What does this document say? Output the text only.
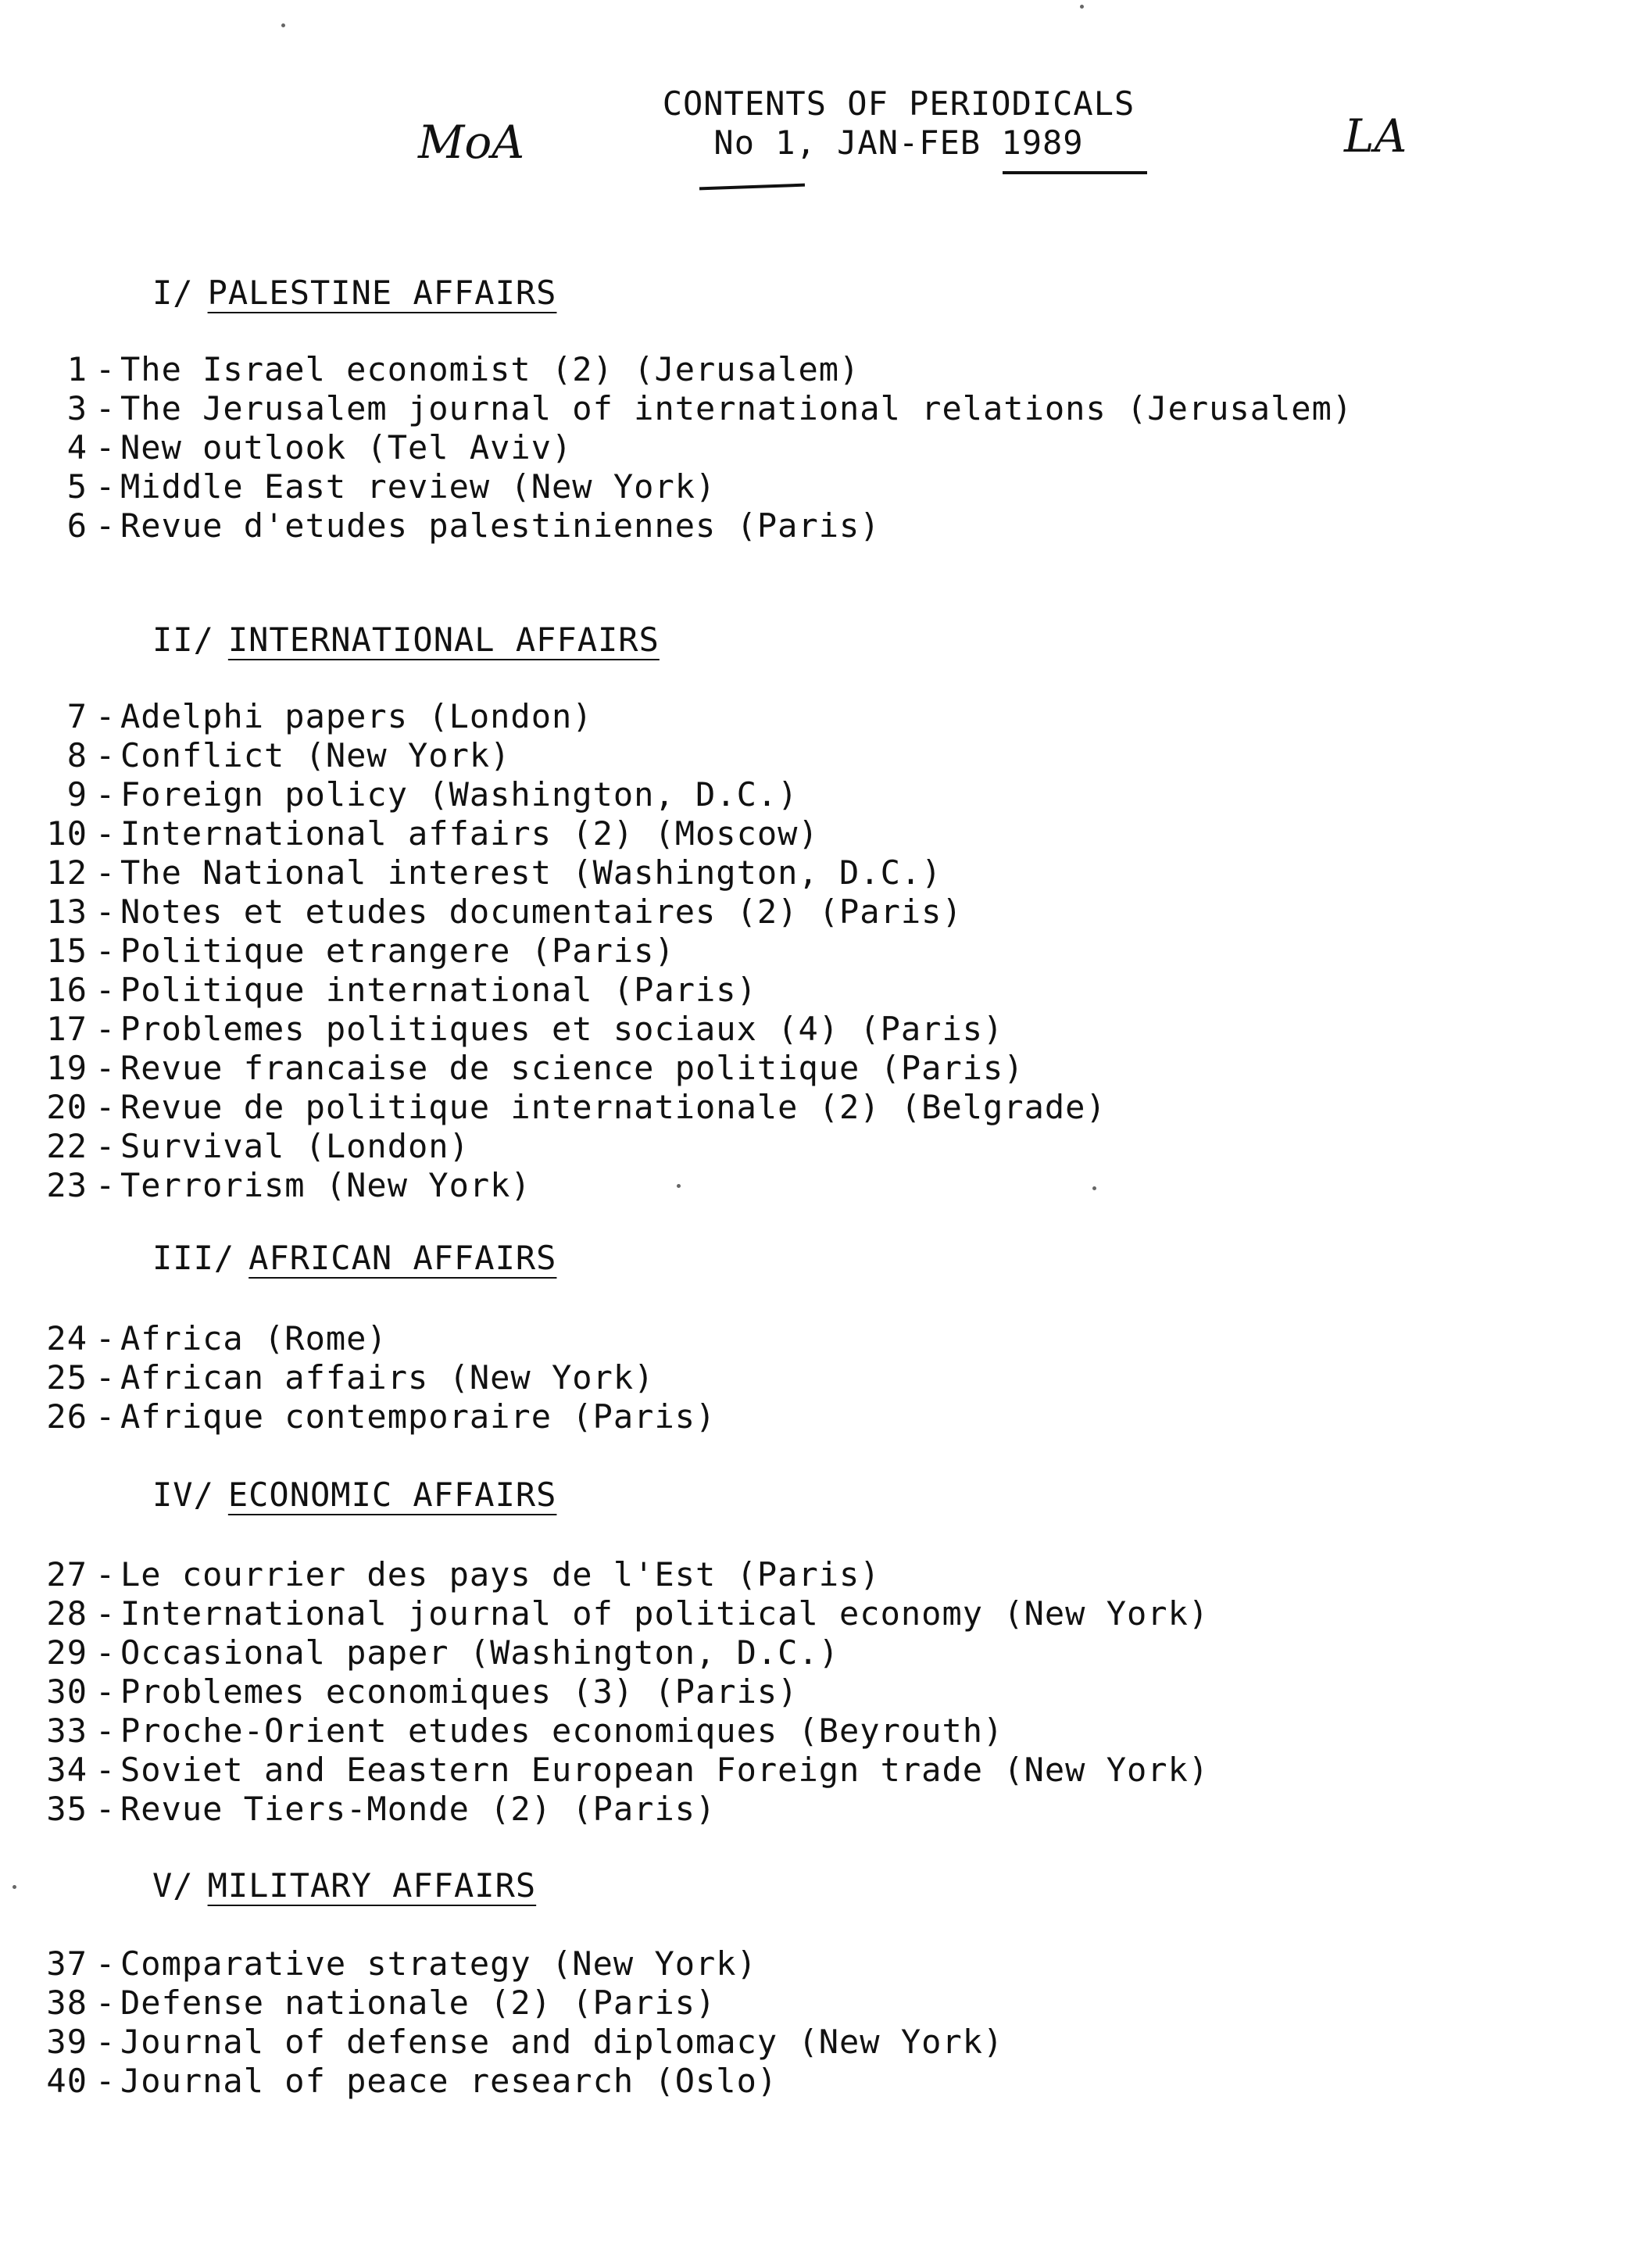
CONTENTS OF PERIODICALS
No 1, JAN-FEB 1989
MoA	LA
I/ PALESTINE AFFAIRS
1 - The Israel economist (2) (Jerusalem)
3 - The Jerusalem journal of international relations (Jerusalem)
4 - New outlook (Tel Aviv)
5 - Middle East review (New York)
6 - Revue d'etudes palestiniennes (Paris)
II/ INTERNATIONAL AFFAIRS
7 - Adelphi papers (London)
8 - Conflict (New York)
9 - Foreign policy (Washington, D.C.)
10 - International affairs (2) (Moscow)
12 - The National interest (Washington, D.C.)
13 - Notes et etudes documentaires (2) (Paris)
15 - Politique etrangere (Paris)
16 - Politique international (Paris)
17 - Problemes politiques et sociaux (4) (Paris)
19 - Revue francaise de science politique (Paris)
20 - Revue de politique internationale (2) (Belgrade)
22 - Survival (London)
23 - Terrorism (New York)
III/ AFRICAN AFFAIRS
24 - Africa (Rome)
25 - African affairs (New York)
26 - Afrique contemporaire (Paris)
IV/ ECONOMIC AFFAIRS
27 - Le courrier des pays de l'Est (Paris)
28 - International journal of political economy (New York)
29 - Occasional paper (Washington, D.C.)
30 - Problemes economiques (3) (Paris)
33 - Proche-Orient etudes economiques (Beyrouth)
34 - Soviet and Eeastern European Foreign trade (New York)
35 - Revue Tiers-Monde (2) (Paris)
V/ MILITARY AFFAIRS
37 - Comparative strategy (New York)
38 - Defense nationale (2) (Paris)
39 - Journal of defense and diplomacy (New York)
40 - Journal of peace research (Oslo)
